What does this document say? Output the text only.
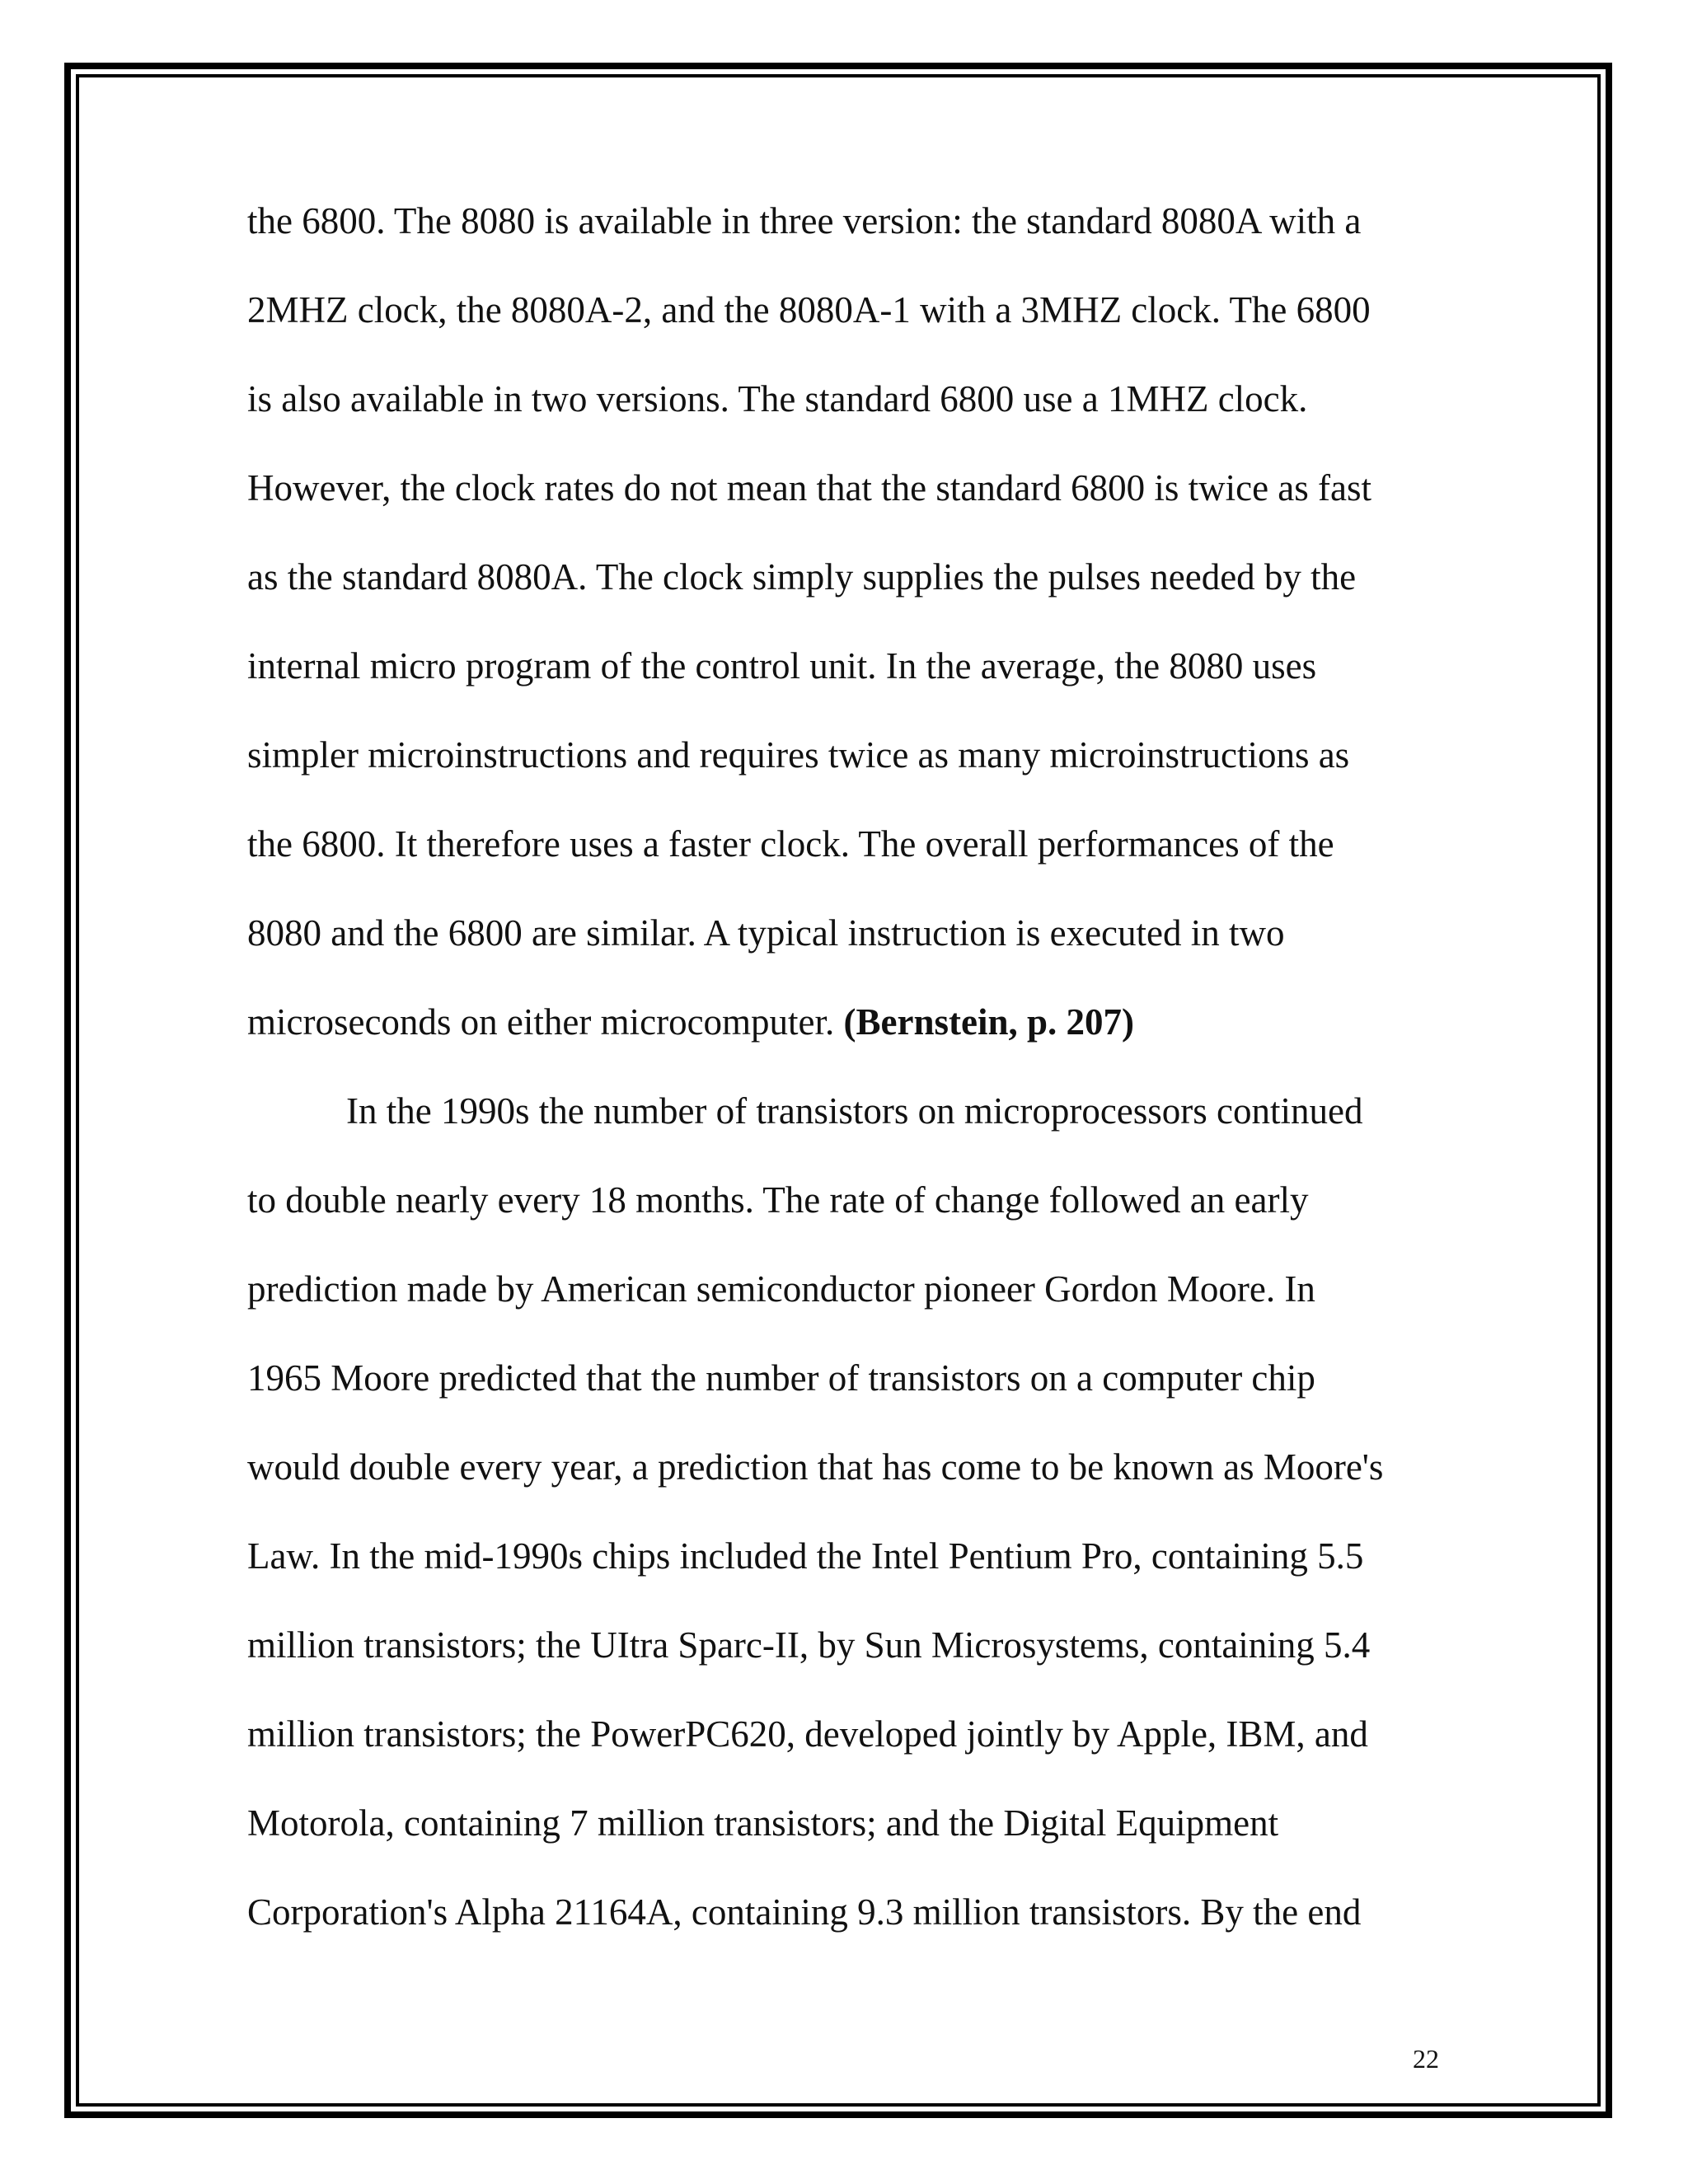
the 6800. The 8080 is available in three version: the standard 8080A with a
2MHZ clock, the 8080A-2, and the 8080A-1 with a 3MHZ clock. The 6800
is also available in two versions. The standard 6800 use a 1MHZ clock.
However, the clock rates do not mean that the standard 6800 is twice as fast
as the standard 8080A. The clock simply supplies the pulses needed by the
internal micro program of the control unit. In the average, the 8080 uses
simpler microinstructions and requires twice as many microinstructions as
the 6800. It therefore uses a faster clock. The overall performances of the
8080 and the 6800 are similar. A typical instruction is executed in two
microseconds on either microcomputer. (Bernstein, p. 207)
In the 1990s the number of transistors on microprocessors continued
to double nearly every 18 months. The rate of change followed an early
prediction made by American semiconductor pioneer Gordon Moore. In
1965 Moore predicted that the number of transistors on a computer chip
would double every year, a prediction that has come to be known as Moore's
Law. In the mid-1990s chips included the Intel Pentium Pro, containing 5.5
million transistors; the UItra Sparc-II, by Sun Microsystems, containing 5.4
million transistors; the PowerPC620, developed jointly by Apple, IBM, and
Motorola, containing 7 million transistors; and the Digital Equipment
Corporation's Alpha 21164A, containing 9.3 million transistors. By the end
22
